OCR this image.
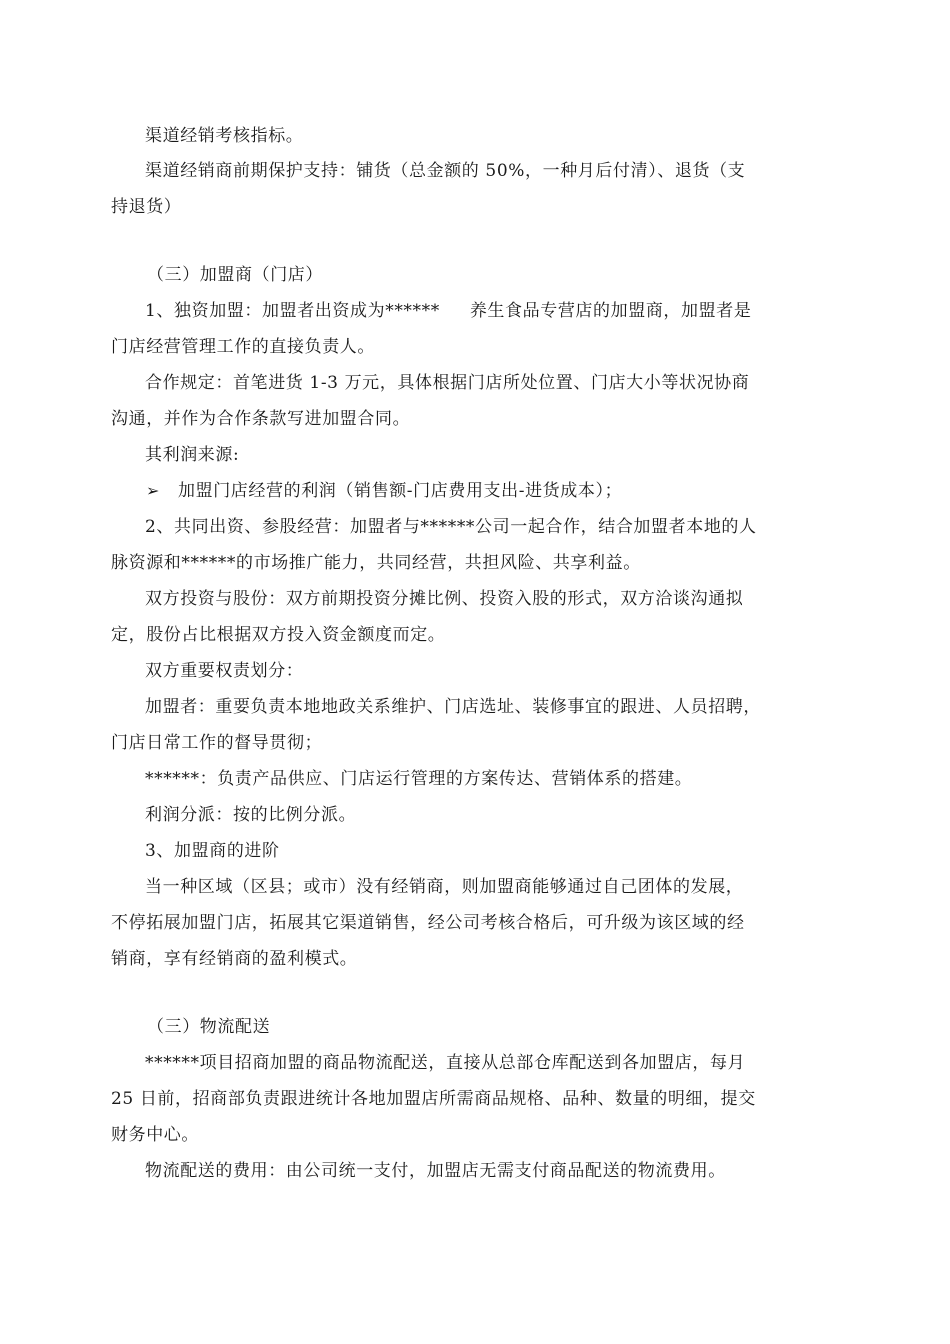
渠道经销考核指标。
渠道经销商前期保护支持：铺货（总金额的 50%，一种月后付清）、退货（支
持退货）
（三）加盟商（门店）
1、独资加盟：加盟者出资成为******     养生食品专营店的加盟商，加盟者是
门店经营管理工作的直接负责人。
合作规定：首笔进货 1-3 万元，具体根据门店所处位置、门店大小等状况协商
沟通，并作为合作条款写进加盟合同。
其利润来源:
➢ 加盟门店经营的利润（销售额-门店费用支出-进货成本）；
2、共同出资、参股经营：加盟者与******公司一起合作，结合加盟者本地的人
脉资源和******的市场推广能力，共同经营，共担风险、共享利益。
双方投资与股份：双方前期投资分摊比例、投资入股的形式，双方洽谈沟通拟
定，股份占比根据双方投入资金额度而定。
双方重要权责划分：
加盟者：重要负责本地地政关系维护、门店选址、装修事宜的跟进、人员招聘，
门店日常工作的督导贯彻；
******：负责产品供应、门店运行管理的方案传达、营销体系的搭建。
利润分派：按的比例分派。
3、加盟商的进阶
当一种区域（区县；或市）没有经销商，则加盟商能够通过自己团体的发展，
不停拓展加盟门店，拓展其它渠道销售，经公司考核合格后，可升级为该区域的经
销商，享有经销商的盈利模式。
（三）物流配送
******项目招商加盟的商品物流配送，直接从总部仓库配送到各加盟店，每月
25 日前，招商部负责跟进统计各地加盟店所需商品规格、品种、数量的明细，提交
财务中心。
物流配送的费用：由公司统一支付，加盟店无需支付商品配送的物流费用。
